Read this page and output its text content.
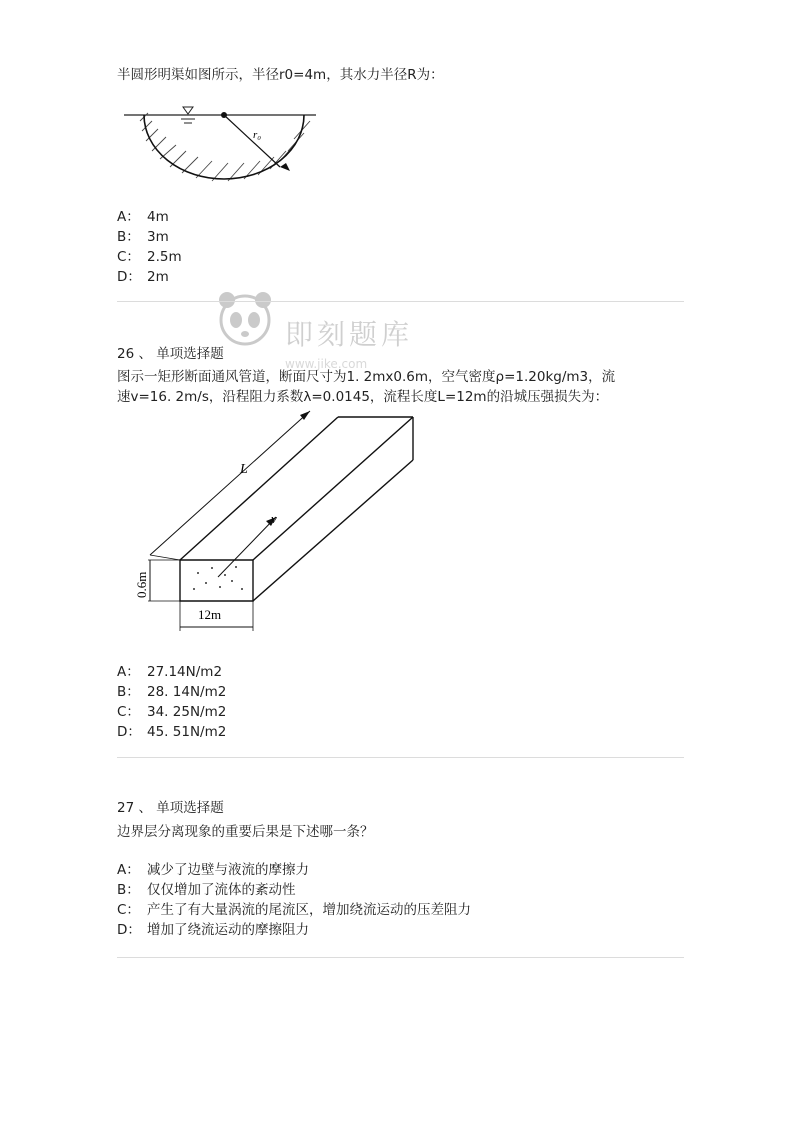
即刻题库
www.jike.com
半圆形明渠如图所示，半径r0=4m，其水力半径R为：
r₀
A： 4m
B： 3m
C： 2.5m
D： 2m
26 、 单项选择题
图示一矩形断面通风管道，断面尺寸为1. 2mx0.6m，空气密度ρ=1.20kg/m3，流
速v=16. 2m/s，沿程阻力系数λ=0.0145，流程长度L=12m的沿城压强损失为：
L
v
0.6m
12m
A： 27.14N/m2
B： 28. 14N/m2
C： 34. 25N/m2
D： 45. 51N/m2
27 、 单项选择题
边界层分离现象的重要后果是下述哪一条？
A： 减少了边壁与液流的摩擦力
B： 仅仅增加了流体的紊动性
C： 产生了有大量涡流的尾流区，增加绕流运动的压差阻力
D： 增加了绕流运动的摩擦阻力
